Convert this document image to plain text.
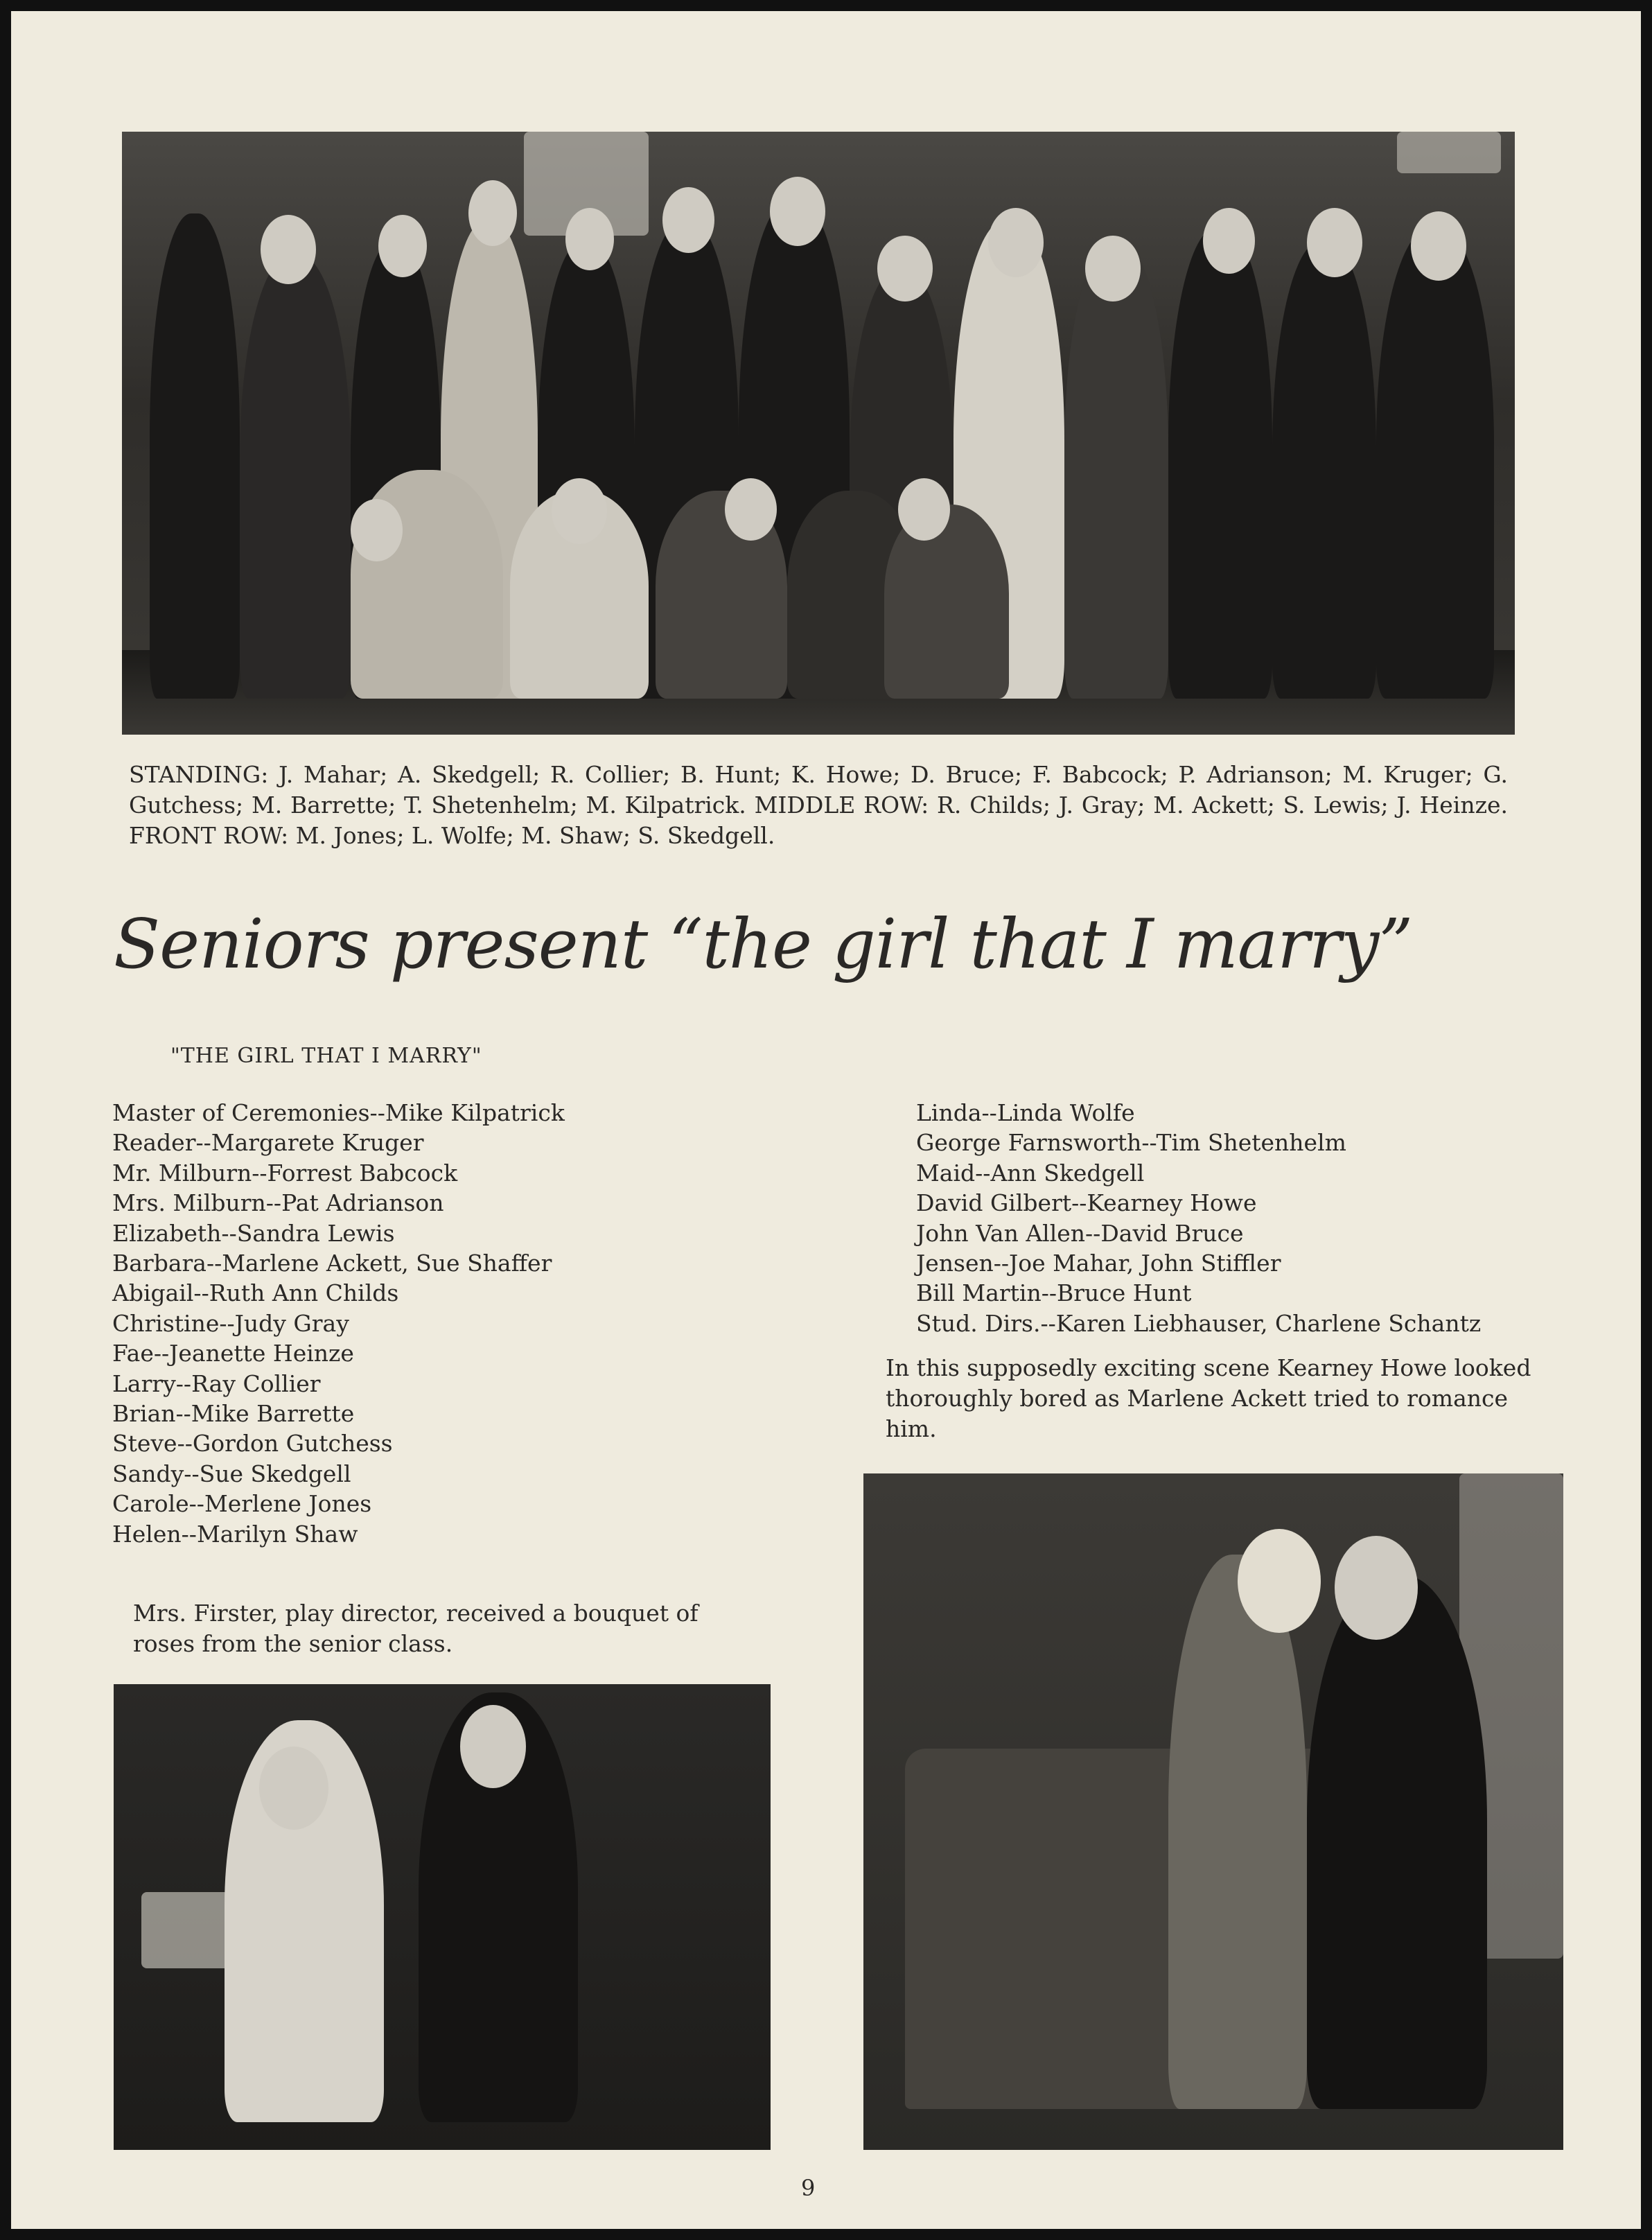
STANDING: J. Mahar; A. Skedgell; R. Collier; B. Hunt; K. Howe; D. Bruce; F. Babcock; P. Adrianson; M. Kruger; G. Gutchess; M. Barrette; T. Shetenhelm; M. Kilpatrick. MIDDLE ROW: R. Childs; J. Gray; M. Ackett; S. Lewis; J. Heinze. FRONT ROW: M. Jones; L. Wolfe; M. Shaw; S. Skedgell.
Seniors present “the girl that I marry”
"THE GIRL THAT I MARRY"
Master of Ceremonies--Mike Kilpatrick
Reader--Margarete Kruger
Mr. Milburn--Forrest Babcock
Mrs. Milburn--Pat Adrianson
Elizabeth--Sandra Lewis
Barbara--Marlene Ackett, Sue Shaffer
Abigail--Ruth Ann Childs
Christine--Judy Gray
Fae--Jeanette Heinze
Larry--Ray Collier
Brian--Mike Barrette
Steve--Gordon Gutchess
Sandy--Sue Skedgell
Carole--Merlene Jones
Helen--Marilyn Shaw
Linda--Linda Wolfe
George Farnsworth--Tim Shetenhelm
Maid--Ann Skedgell
David Gilbert--Kearney Howe
John Van Allen--David Bruce
Jensen--Joe Mahar, John Stiffler
Bill Martin--Bruce Hunt
Stud. Dirs.--Karen Liebhauser, Charlene Schantz
In this supposedly exciting scene Kearney Howe looked thoroughly bored as Marlene Ackett tried to romance him.
Mrs. Firster, play director, received a bouquet of roses from the senior class.
9
